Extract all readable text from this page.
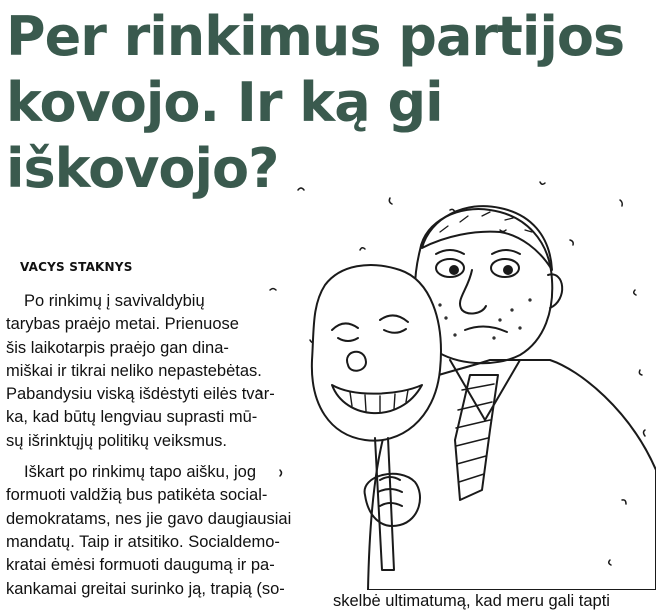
Per rinkimus partijos
kovojo. Ir ką gi
iškovojo?
VACYS STAKNYS

Po rinkimų į savivaldybių
tarybas praėjo metai. Prienuose
šis laikotarpis praėjo gan dina-
miškai ir tikrai neliko nepastebėtas.
Pabandysiu viską išdėstyti eilės tvar-
ka, kad būtų lengviau suprasti mū-
sų išrinktųjų politikų veiksmus.

Iškart po rinkimų tapo aišku, jog
formuoti valdžią bus patikėta social-
demokratams, nes jie gavo daugiausiai
mandatų. Taip ir atsitiko. Socialdemo-
kratai ėmėsi formuoti daugumą ir pa-
kankamai greitai surinko ją, trapią (so-

skelbė ultimatumą, kad meru gali tapti
